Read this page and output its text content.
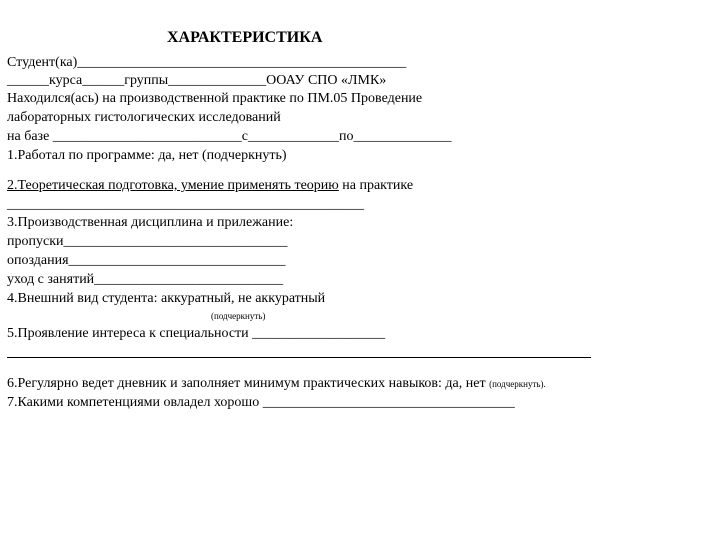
ХАРАКТЕРИСТИКА
Студент(ка)_______________________________________________
______курса______группы______________ООАУ СПО «ЛМК»
Находился(ась) на производственной практике по ПМ.05 Проведение
лабораторных гистологических исследований
на базе ___________________________с_____________по______________
1.Работал по программе: да, нет (подчеркнуть)
2.Теоретическая подготовка, умение применять теорию на практике
___________________________________________________
3.Производственная дисциплина и прилежание:
пропуски________________________________
опоздания_______________________________
уход с занятий___________________________
4.Внешний вид студента: аккуратный, не аккуратный
(подчеркнуть)
5.Проявление интереса к специальности ___________________
6.Регулярно ведет дневник и заполняет минимум практических навыков: да, нет (подчеркнуть).
7.Какими компетенциями овладел хорошо ____________________________________
